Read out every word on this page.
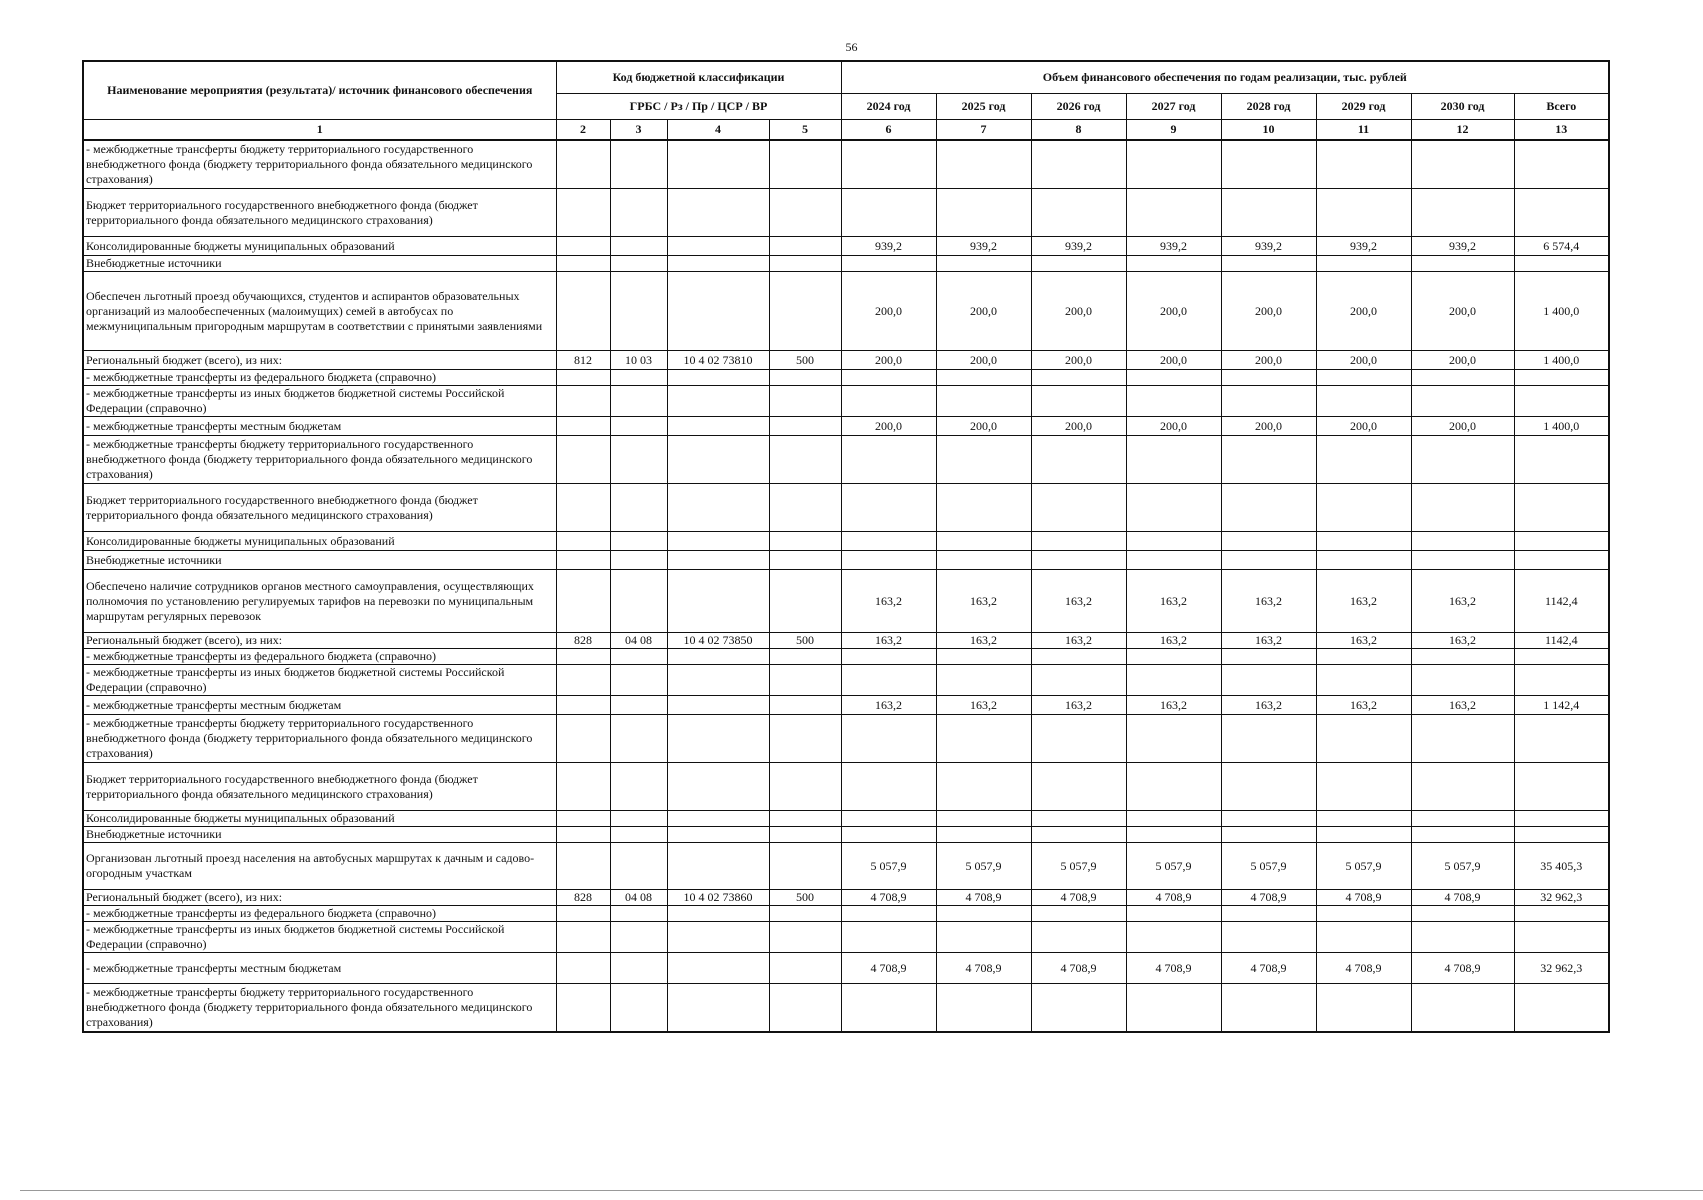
56
Наименование мероприятия (результата)/ источник финансового обеспечения	Код бюджетной классификации				Объем финансового обеспечения по годам реализации, тыс. рублей							
	ГРБС / Рз / Пр / ЦСР / ВР				2024 год	2025 год	2026 год	2027 год	2028 год	2029 год	2030 год	Всего
1	2	3	4	5	6	7	8	9	10	11	12	13
- межбюджетные трансферты бюджету территориального государственного внебюджетного фонда (бюджету территориального фонда обязательного медицинского страхования)												
Бюджет территориального государственного внебюджетного фонда (бюджет территориального фонда обязательного медицинского страхования)												
Консолидированные бюджеты муниципальных образований					939,2	939,2	939,2	939,2	939,2	939,2	939,2	6 574,4
Внебюджетные источники												
Обеспечен льготный проезд обучающихся, студентов и аспирантов образовательных организаций из малообеспеченных (малоимущих) семей в автобусах по межмуниципальным пригородным маршрутам в соответствии с принятыми заявлениями					200,0	200,0	200,0	200,0	200,0	200,0	200,0	1 400,0
Региональный бюджет (всего), из них:	812	10 03	10 4 02 73810	500	200,0	200,0	200,0	200,0	200,0	200,0	200,0	1 400,0
- межбюджетные трансферты из федерального бюджета (справочно)												
- межбюджетные трансферты из иных бюджетов бюджетной системы Российской Федерации (справочно)												
- межбюджетные трансферты местным бюджетам					200,0	200,0	200,0	200,0	200,0	200,0	200,0	1 400,0
- межбюджетные трансферты бюджету территориального государственного внебюджетного фонда (бюджету территориального фонда обязательного медицинского страхования)												
Бюджет территориального государственного внебюджетного фонда (бюджет территориального фонда обязательного медицинского страхования)												
Консолидированные бюджеты муниципальных образований												
Внебюджетные источники												
Обеспечено наличие сотрудников органов местного самоуправления, осуществляющих полномочия по установлению регулируемых тарифов на перевозки по муниципальным маршрутам регулярных перевозок					163,2	163,2	163,2	163,2	163,2	163,2	163,2	1142,4
Региональный бюджет (всего), из них:	828	04 08	10 4 02 73850	500	163,2	163,2	163,2	163,2	163,2	163,2	163,2	1142,4
- межбюджетные трансферты из федерального бюджета (справочно)												
- межбюджетные трансферты из иных бюджетов бюджетной системы Российской Федерации (справочно)												
- межбюджетные трансферты местным бюджетам					163,2	163,2	163,2	163,2	163,2	163,2	163,2	1 142,4
- межбюджетные трансферты бюджету территориального государственного внебюджетного фонда (бюджету территориального фонда обязательного медицинского страхования)												
Бюджет территориального государственного внебюджетного фонда (бюджет территориального фонда обязательного медицинского страхования)												
Консолидированные бюджеты муниципальных образований												
Внебюджетные источники												
Организован льготный проезд населения на автобусных маршрутах к дачным и садово-огородным участкам					5 057,9	5 057,9	5 057,9	5 057,9	5 057,9	5 057,9	5 057,9	35 405,3
Региональный бюджет (всего), из них:	828	04 08	10 4 02 73860	500	4 708,9	4 708,9	4 708,9	4 708,9	4 708,9	4 708,9	4 708,9	32 962,3
- межбюджетные трансферты из федерального бюджета (справочно)												
- межбюджетные трансферты из иных бюджетов бюджетной системы Российской Федерации (справочно)												
- межбюджетные трансферты местным бюджетам					4 708,9	4 708,9	4 708,9	4 708,9	4 708,9	4 708,9	4 708,9	32 962,3
- межбюджетные трансферты бюджету территориального государственного внебюджетного фонда (бюджету территориального фонда обязательного медицинского страхования)												
